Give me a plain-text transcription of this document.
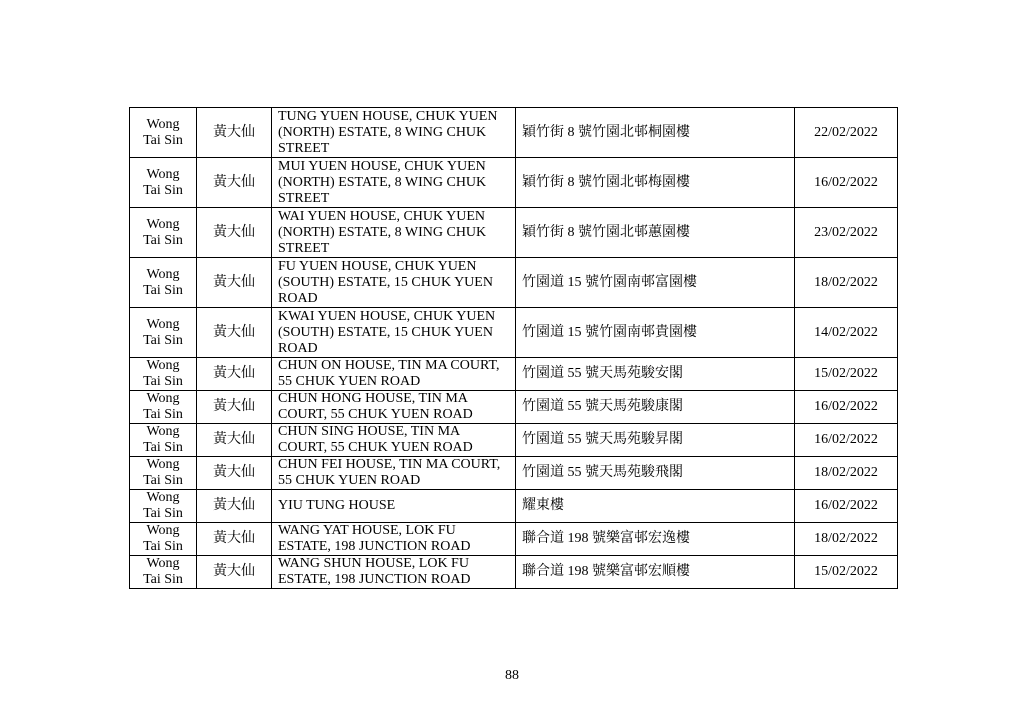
Wong Tai Sin	黃大仙	TUNG YUEN HOUSE, CHUK YUEN (NORTH) ESTATE, 8 WING CHUK STREET	穎竹街 8 號竹園北邨桐園樓	22/02/2022
Wong Tai Sin	黃大仙	MUI YUEN HOUSE, CHUK YUEN (NORTH) ESTATE, 8 WING CHUK STREET	穎竹街 8 號竹園北邨梅園樓	16/02/2022
Wong Tai Sin	黃大仙	WAI YUEN HOUSE, CHUK YUEN (NORTH) ESTATE, 8 WING CHUK STREET	穎竹街 8 號竹園北邨蕙園樓	23/02/2022
Wong Tai Sin	黃大仙	FU YUEN HOUSE, CHUK YUEN (SOUTH) ESTATE, 15 CHUK YUEN ROAD	竹園道 15 號竹園南邨富園樓	18/02/2022
Wong Tai Sin	黃大仙	KWAI YUEN HOUSE, CHUK YUEN (SOUTH) ESTATE, 15 CHUK YUEN ROAD	竹園道 15 號竹園南邨貴園樓	14/02/2022
Wong Tai Sin	黃大仙	CHUN ON HOUSE, TIN MA COURT, 55 CHUK YUEN ROAD	竹園道 55 號天馬苑駿安閣	15/02/2022
Wong Tai Sin	黃大仙	CHUN HONG HOUSE, TIN MA COURT, 55 CHUK YUEN ROAD	竹園道 55 號天馬苑駿康閣	16/02/2022
Wong Tai Sin	黃大仙	CHUN SING HOUSE, TIN MA COURT, 55 CHUK YUEN ROAD	竹園道 55 號天馬苑駿昇閣	16/02/2022
Wong Tai Sin	黃大仙	CHUN FEI HOUSE, TIN MA COURT, 55 CHUK YUEN ROAD	竹園道 55 號天馬苑駿飛閣	18/02/2022
Wong Tai Sin	黃大仙	YIU TUNG HOUSE	耀東樓	16/02/2022
Wong Tai Sin	黃大仙	WANG YAT HOUSE, LOK FU ESTATE, 198 JUNCTION ROAD	聯合道 198 號樂富邨宏逸樓	18/02/2022
Wong Tai Sin	黃大仙	WANG SHUN HOUSE, LOK FU ESTATE, 198 JUNCTION ROAD	聯合道 198 號樂富邨宏順樓	15/02/2022
88
